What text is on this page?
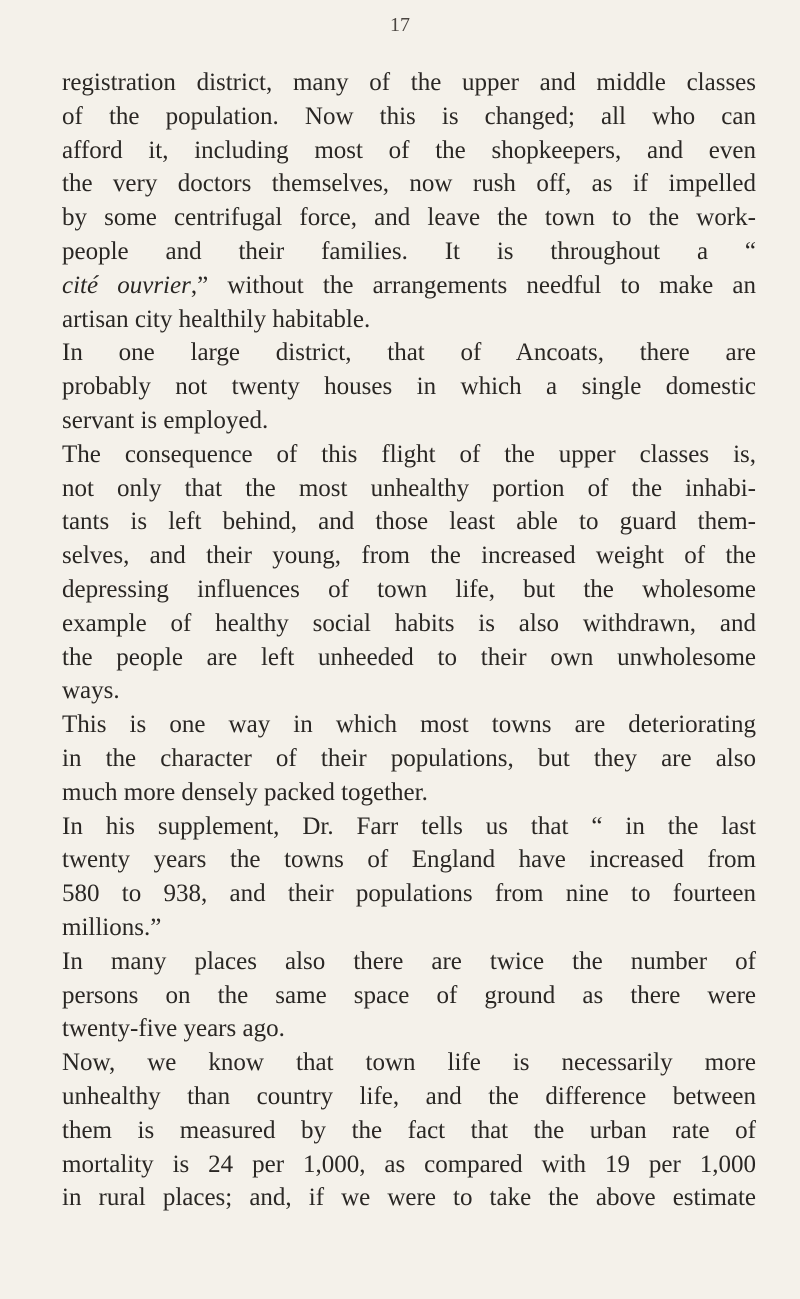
17
registration district, many of the upper and middle classes
of the population. Now this is changed; all who can
afford it, including most of the shopkeepers, and even
the very doctors themselves, now rush off, as if impelled
by some centrifugal force, and leave the town to the work-
people and their families. It is throughout a “
cité ouvrier,” without the arrangements needful to make an
artisan city healthily habitable.
In one large district, that of Ancoats, there are
probably not twenty houses in which a single domestic
servant is employed.
The consequence of this flight of the upper classes is,
not only that the most unhealthy portion of the inhabi-
tants is left behind, and those least able to guard them-
selves, and their young, from the increased weight of the
depressing influences of town life, but the wholesome
example of healthy social habits is also withdrawn, and
the people are left unheeded to their own unwholesome
ways.
This is one way in which most towns are deteriorating
in the character of their populations, but they are also
much more densely packed together.
In his supplement, Dr. Farr tells us that “ in the last
twenty years the towns of England have increased from
580 to 938, and their populations from nine to fourteen
millions.”
In many places also there are twice the number of
persons on the same space of ground as there were
twenty-five years ago.
Now, we know that town life is necessarily more
unhealthy than country life, and the difference between
them is measured by the fact that the urban rate of
mortality is 24 per 1,000, as compared with 19 per 1,000
in rural places; and, if we were to take the above estimate
